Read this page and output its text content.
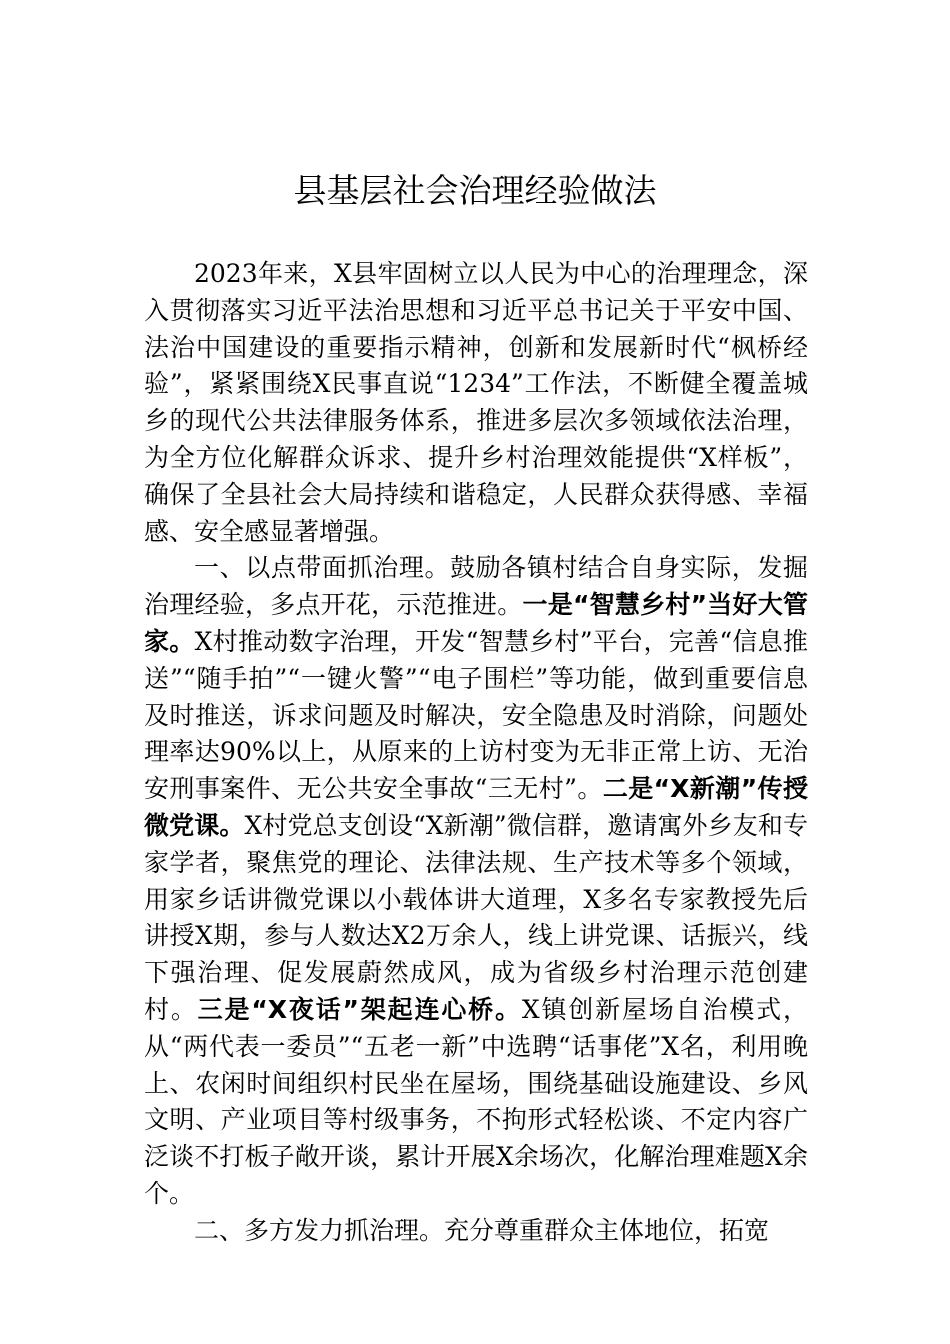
县基层社会治理经验做法

2023年来，X县牢固树立以人民为中心的治理理念，深入贯彻落实习近平法治思想和习近平总书记关于平安中国、法治中国建设的重要指示精神，创新和发展新时代“枫桥经验”，紧紧围绕X民事直说“1234”工作法，不断健全覆盖城乡的现代公共法律服务体系，推进多层次多领域依法治理，为全方位化解群众诉求、提升乡村治理效能提供“X样板”，确保了全县社会大局持续和谐稳定，人民群众获得感、幸福感、安全感显著增强。

一、以点带面抓治理。鼓励各镇村结合自身实际，发掘治理经验，多点开花，示范推进。一是“智慧乡村”当好大管家。X村推动数字治理，开发“智慧乡村”平台，完善“信息推送”“随手拍”“一键火警”“电子围栏”等功能，做到重要信息及时推送，诉求问题及时解决，安全隐患及时消除，问题处理率达90%以上，从原来的上访村变为无非正常上访、无治安刑事案件、无公共安全事故“三无村”。二是“X新潮”传授微党课。X村党总支创设“X新潮”微信群，邀请寓外乡友和专家学者，聚焦党的理论、法律法规、生产技术等多个领域，用家乡话讲微党课以小载体讲大道理，X多名专家教授先后讲授X期，参与人数达X2万余人，线上讲党课、话振兴，线下强治理、促发展蔚然成风，成为省级乡村治理示范创建村。三是“X夜话”架起连心桥。X镇创新屋场自治模式，从“两代表一委员”“五老一新”中选聘“话事佬”X名，利用晚上、农闲时间组织村民坐在屋场，围绕基础设施建设、乡风文明、产业项目等村级事务，不拘形式轻松谈、不定内容广泛谈不打板子敞开谈，累计开展X余场次，化解治理难题X余个。

二、多方发力抓治理。充分尊重群众主体地位，拓宽
